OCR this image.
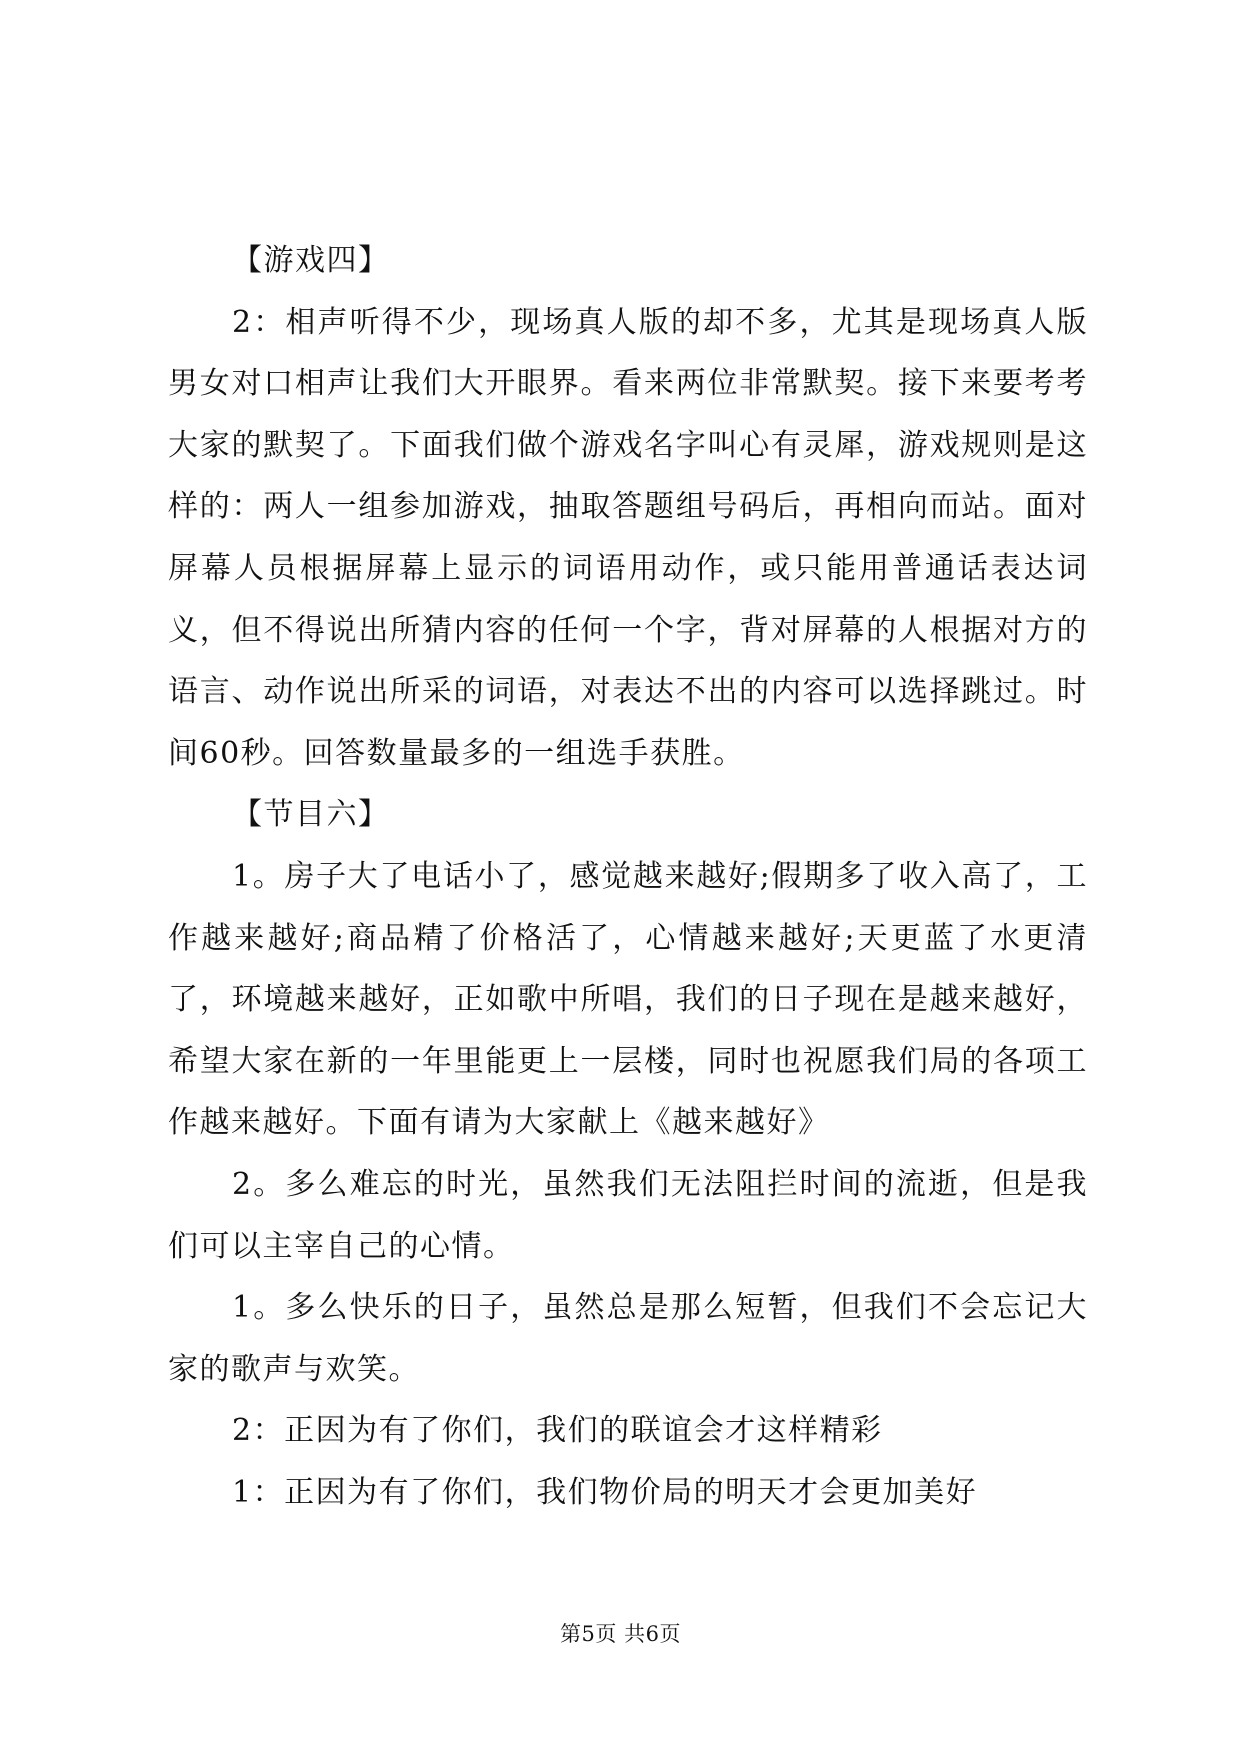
【游戏四】

2：相声听得不少，现场真人版的却不多，尤其是现场真人版男女对口相声让我们大开眼界。看来两位非常默契。接下来要考考大家的默契了。下面我们做个游戏名字叫心有灵犀，游戏规则是这样的：两人一组参加游戏，抽取答题组号码后，再相向而站。面对屏幕人员根据屏幕上显示的词语用动作，或只能用普通话表达词义，但不得说出所猜内容的任何一个字，背对屏幕的人根据对方的语言、动作说出所采的词语，对表达不出的内容可以选择跳过。时间60秒。回答数量最多的一组选手获胜。

【节目六】

1。房子大了电话小了，感觉越来越好;假期多了收入高了，工作越来越好;商品精了价格活了，心情越来越好;天更蓝了水更清了，环境越来越好，正如歌中所唱，我们的日子现在是越来越好，希望大家在新的一年里能更上一层楼，同时也祝愿我们局的各项工作越来越好。下面有请为大家献上《越来越好》

2。多么难忘的时光，虽然我们无法阻拦时间的流逝，但是我们可以主宰自己的心情。

1。多么快乐的日子，虽然总是那么短暂，但我们不会忘记大家的歌声与欢笑。

2：正因为有了你们，我们的联谊会才这样精彩

1：正因为有了你们，我们物价局的明天才会更加美好

第5页 共6页
